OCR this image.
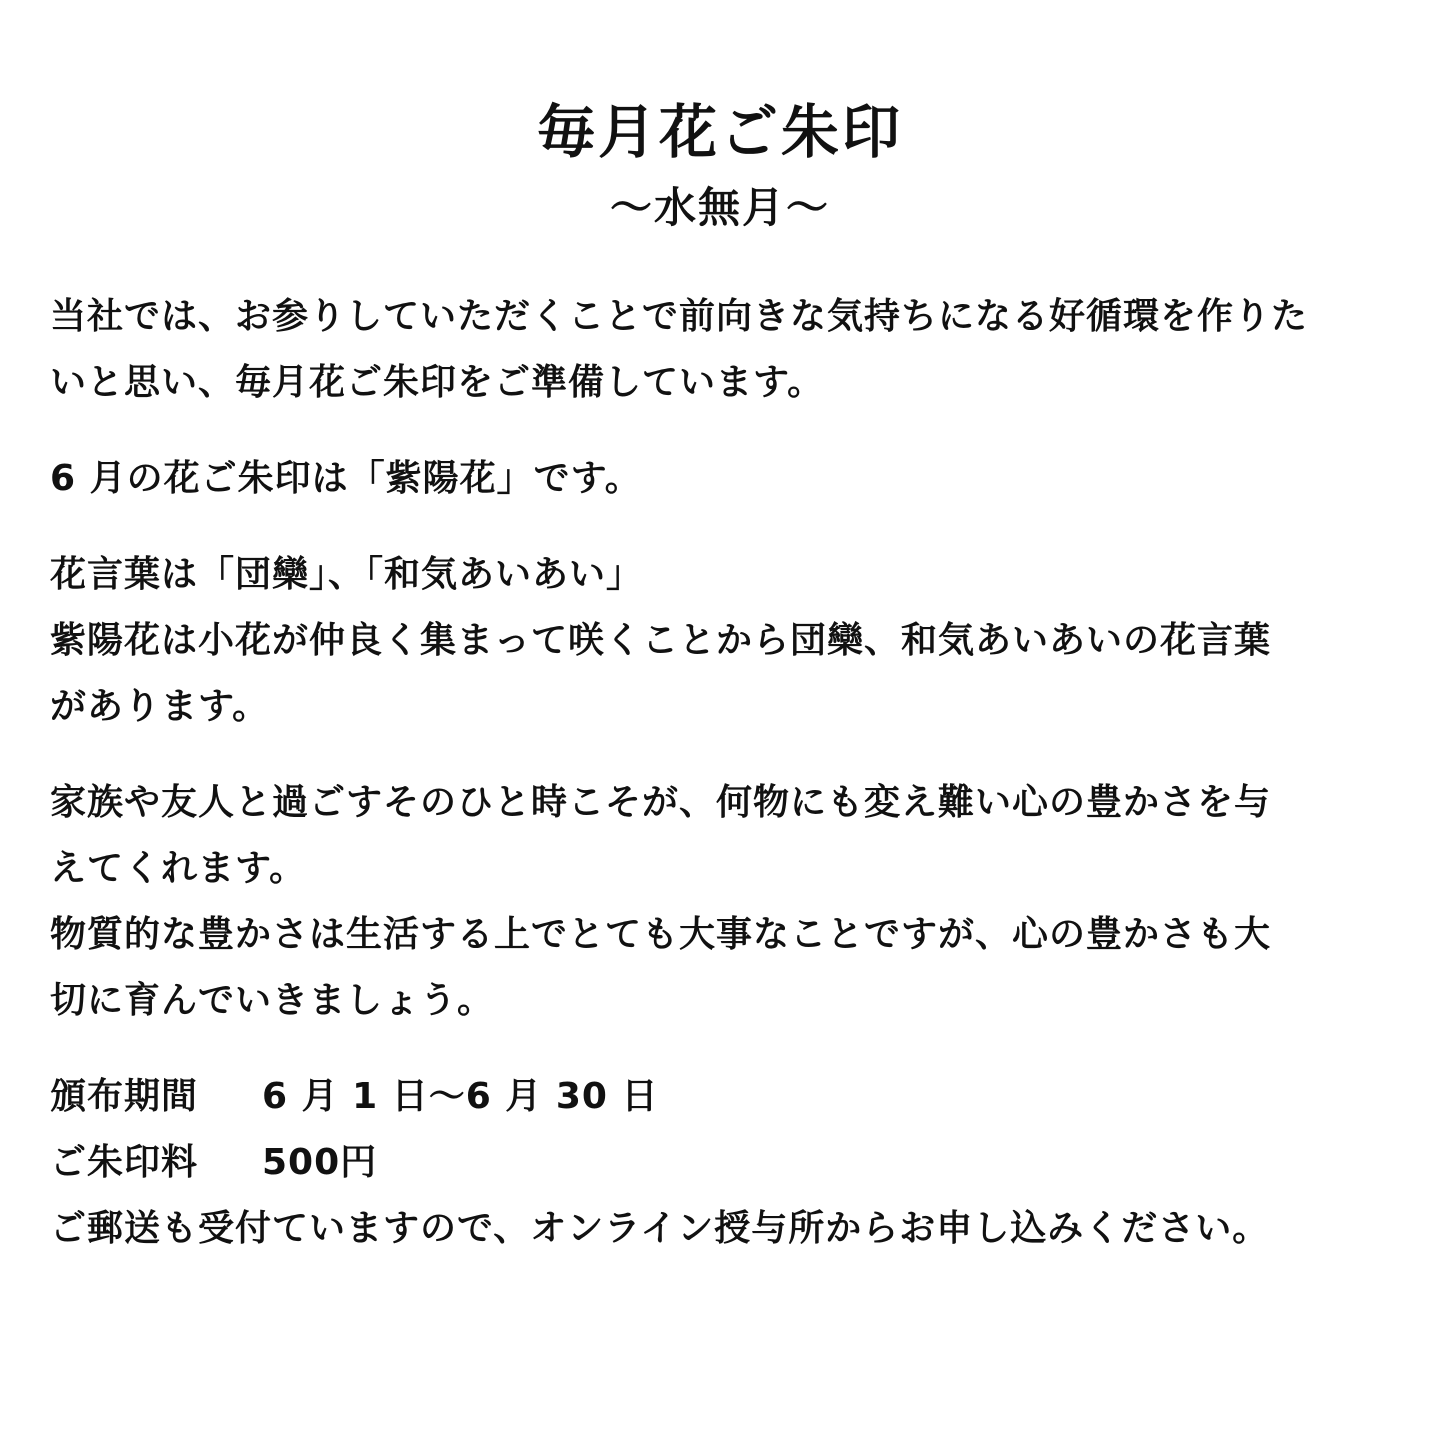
毎月花ご朱印
〜水無月〜
当社では、お参りしていただくことで前向きな気持ちになる好循環を作りた
いと思い、毎月花ご朱印をご準備しています。
6 月の花ご朱印は「紫陽花」です。
花言葉は「団欒」、「和気あいあい」
紫陽花は小花が仲良く集まって咲くことから団欒、和気あいあいの花言葉
があります。
家族や友人と過ごすそのひと時こそが、何物にも変え難い心の豊かさを与
えてくれます。
物質的な豊かさは生活する上でとても大事なことですが、心の豊かさも大
切に育んでいきましょう。
頒布期間	6 月 1 日〜6 月 30 日
ご朱印料	500円
ご郵送も受付ていますので、オンライン授与所からお申し込みください。
